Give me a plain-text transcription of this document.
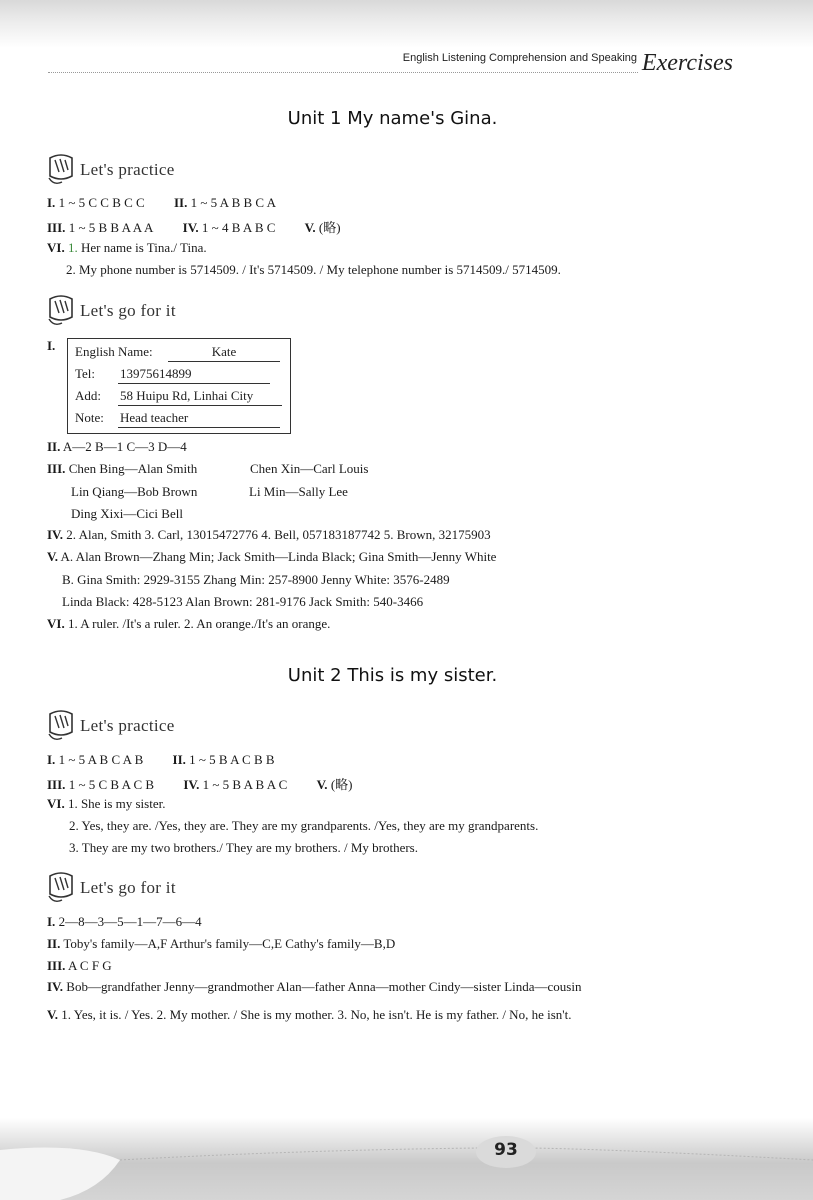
English Listening Comprehension and Speaking Exercises
Unit 1 My name's Gina.
Let's practice
I. 1 ~ 5 C C B C C II. 1 ~ 5 A B B C A
III. 1 ~ 5 B B A A A IV. 1 ~ 4 B A B C V. (略)
VI. 1. Her name is Tina./ Tina.
2. My phone number is 5714509. / It's 5714509. / My telephone number is 5714509./ 5714509.
Let's go for it
I. English Name:	Kate
Tel: 13975614899
Add: 58 Huipu Rd, Linhai City
Note: Head teacher
II. A—2 B—1 C—3 D—4
III. Chen Bing—Alan Smith	Chen Xin—Carl Louis
Lin Qiang—Bob Brown	Li Min—Sally Lee
Ding Xixi—Cici Bell
IV. 2. Alan, Smith 3. Carl, 13015472776 4. Bell, 057183187742 5. Brown, 32175903
V. A. Alan Brown—Zhang Min; Jack Smith—Linda Black; Gina Smith—Jenny White
B. Gina Smith: 2929-3155 Zhang Min: 257-8900 Jenny White: 3576-2489
Linda Black: 428-5123 Alan Brown: 281-9176 Jack Smith: 540-3466
VI. 1. A ruler. /It's a ruler. 2. An orange./It's an orange.
Unit 2 This is my sister.
Let's practice
I. 1 ~ 5 A B C A B II. 1 ~ 5 B A C B B
III. 1 ~ 5 C B A C B IV. 1 ~ 5 B A B A C V. (略)
VI. 1. She is my sister.
2. Yes, they are. /Yes, they are. They are my grandparents. /Yes, they are my grandparents.
3. They are my two brothers./ They are my brothers. / My brothers.
Let's go for it
I. 2—8—3—5—1—7—6—4
II. Toby's family—A,F Arthur's family—C,E Cathy's family—B,D
III. A C F G
IV. Bob—grandfather Jenny—grandmother Alan—father Anna—mother Cindy—sister Linda—cousin
V. 1. Yes, it is. / Yes. 2. My mother. / She is my mother. 3. No, he isn't. He is my father. / No, he isn't.
93
